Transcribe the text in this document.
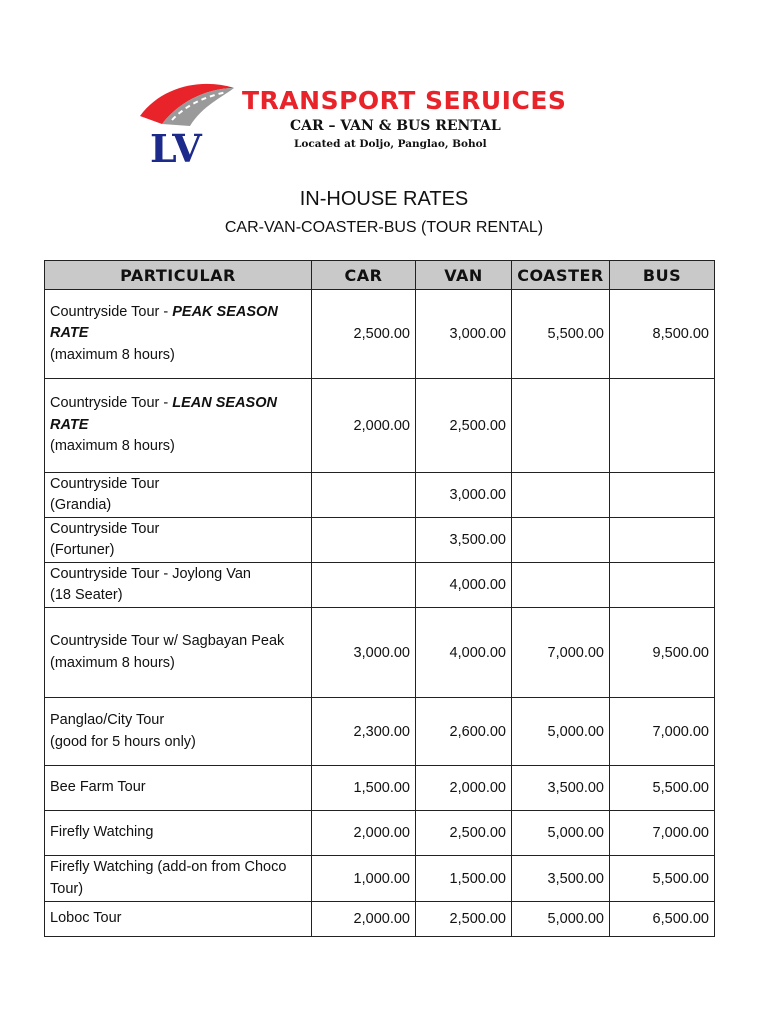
LV
TRANSPORT SERUICES
CAR – VAN & BUS RENTAL
Located at Doljo, Panglao, Bohol
IN-HOUSE RATES
CAR-VAN-COASTER-BUS (TOUR RENTAL)
PARTICULAR	CAR	VAN	COASTER	BUS
Countryside Tour - PEAK SEASON RATE
(maximum 8 hours)	2,500.00	3,000.00	5,500.00	8,500.00
Countryside Tour - LEAN SEASON RATE
(maximum 8 hours)	2,000.00	2,500.00		
Countryside Tour
(Grandia)		3,000.00		
Countryside Tour
(Fortuner)		3,500.00		
Countryside Tour - Joylong Van
(18 Seater)		4,000.00		
Countryside Tour w/ Sagbayan Peak
(maximum 8 hours)	3,000.00	4,000.00	7,000.00	9,500.00
Panglao/City Tour
(good for 5 hours only)	2,300.00	2,600.00	5,000.00	7,000.00
Bee Farm Tour	1,500.00	2,000.00	3,500.00	5,500.00
Firefly Watching	2,000.00	2,500.00	5,000.00	7,000.00
Firefly Watching (add-on from Choco Tour)	1,000.00	1,500.00	3,500.00	5,500.00
Loboc Tour	2,000.00	2,500.00	5,000.00	6,500.00
